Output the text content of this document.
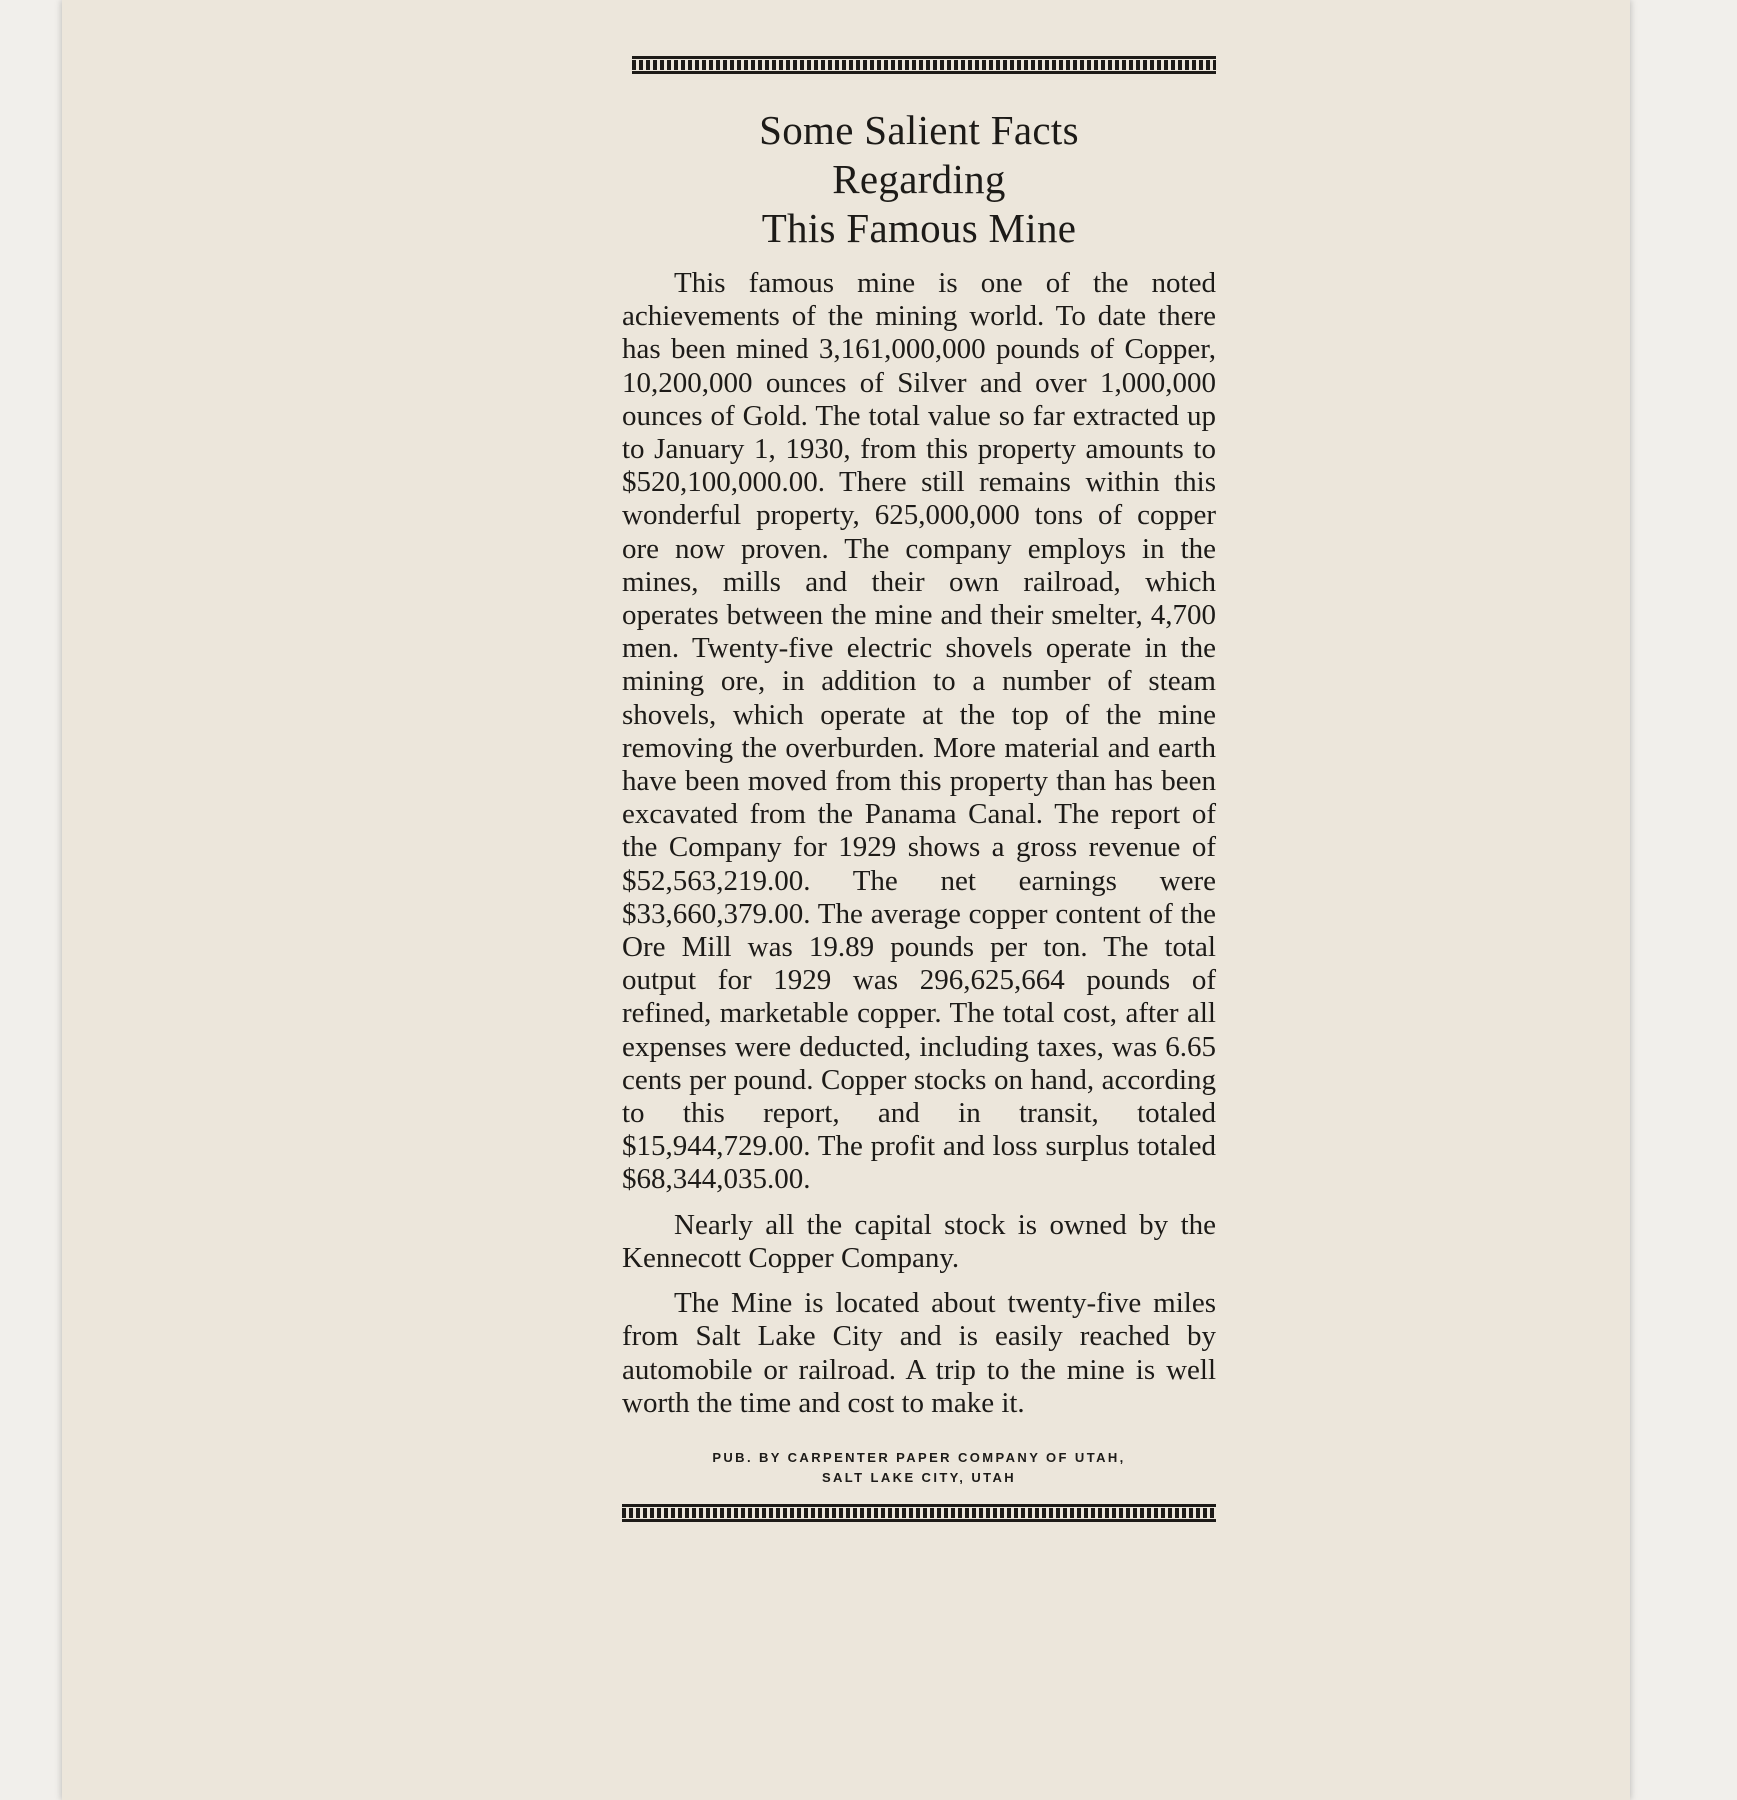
Some Salient Facts
Regarding
This Famous Mine

This famous mine is one of the noted achievements of the mining world. To date there has been mined 3,161,000,000 pounds of Copper, 10,200,000 ounces of Silver and over 1,000,000 ounces of Gold. The total value so far extracted up to January 1, 1930, from this property amounts to $520,100,000.00. There still remains within this wonderful property, 625,000,000 tons of copper ore now proven. The company employs in the mines, mills and their own railroad, which operates between the mine and their smelter, 4,700 men. Twenty-five electric shovels operate in the mining ore, in addition to a number of steam shovels, which operate at the top of the mine removing the overburden. More material and earth have been moved from this property than has been excavated from the Panama Canal. The report of the Company for 1929 shows a gross revenue of $52,563,219.00. The net earnings were $33,660,379.00. The average copper content of the Ore Mill was 19.89 pounds per ton. The total output for 1929 was 296,625,664 pounds of refined, marketable copper. The total cost, after all expenses were deducted, including taxes, was 6.65 cents per pound. Copper stocks on hand, according to this report, and in transit, totaled $15,944,729.00. The profit and loss surplus totaled $68,344,035.00.

Nearly all the capital stock is owned by the Kennecott Copper Company.

The Mine is located about twenty-five miles from Salt Lake City and is easily reached by automobile or railroad. A trip to the mine is well worth the time and cost to make it.

PUB. BY CARPENTER PAPER COMPANY OF UTAH,
SALT LAKE CITY, UTAH
